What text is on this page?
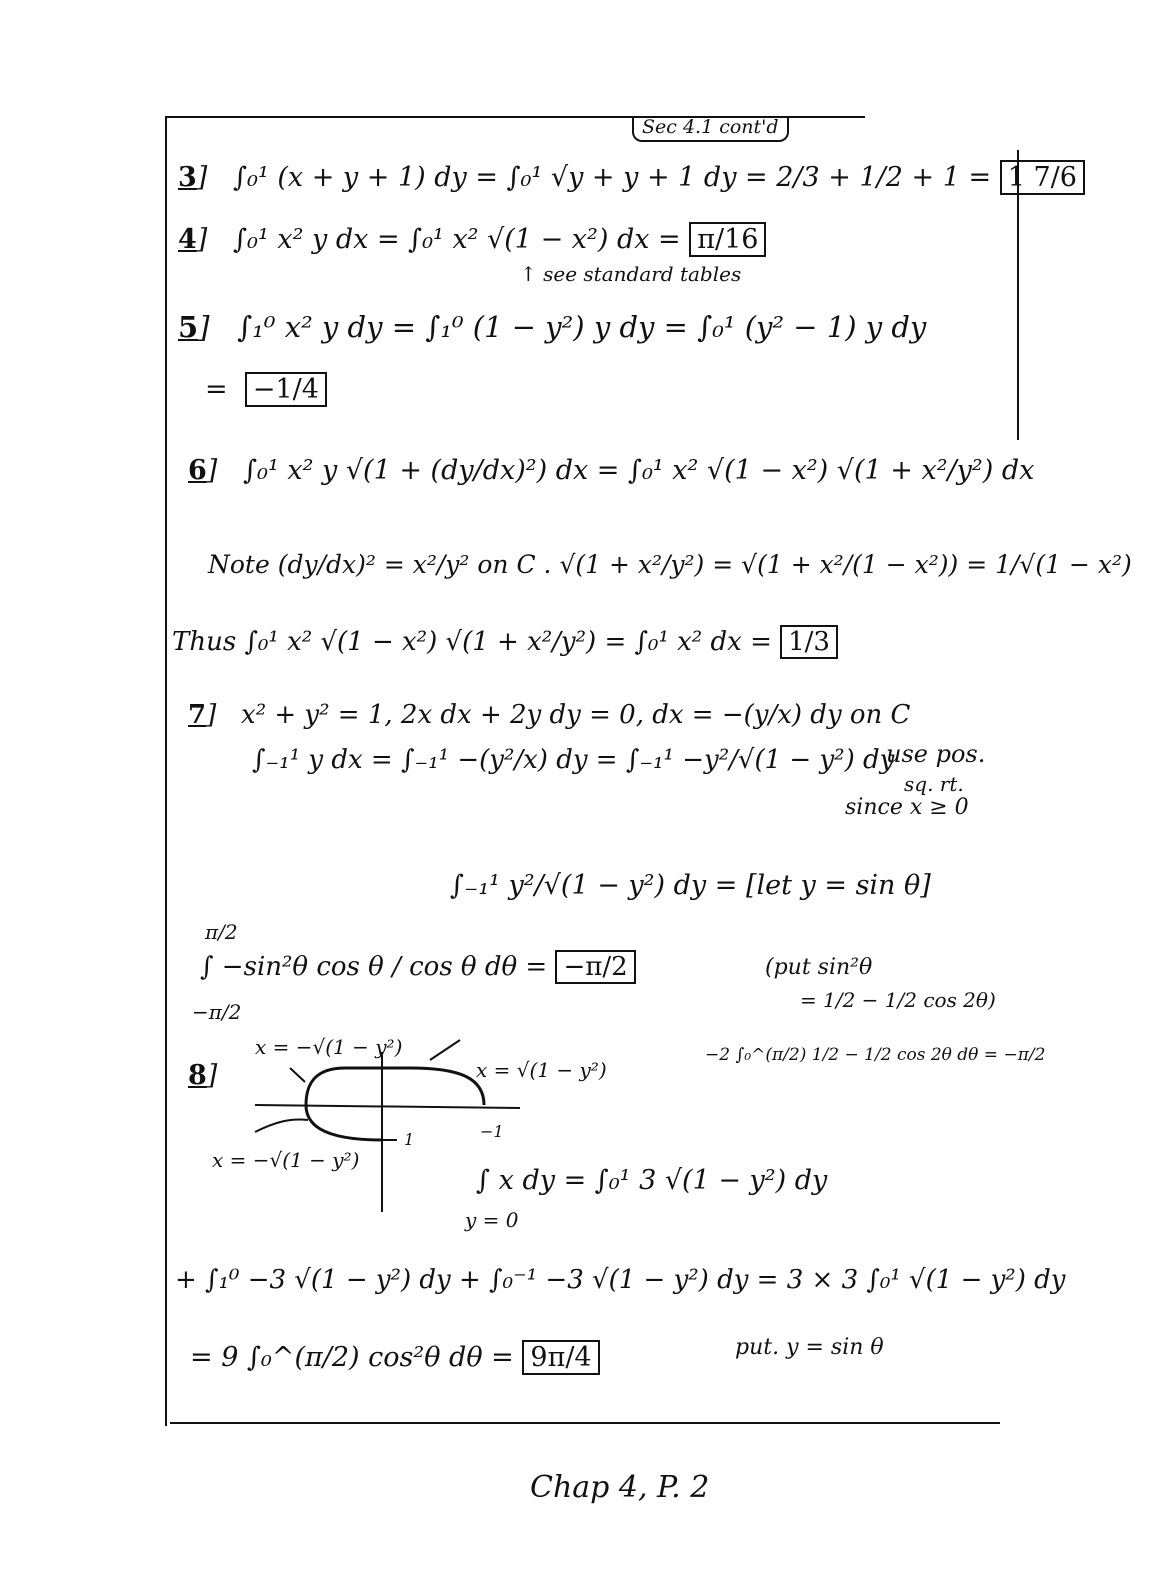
Sec 4.1 cont'd
3]   ∫₀¹ (x + y + 1) dy = ∫₀¹ √y + y + 1 dy = 2/3 + 1/2 + 1 = 1 7/6
4]   ∫₀¹ x² y dx = ∫₀¹ x² √(1 − x²) dx = π/16
↑ see standard tables
5]   ∫₁⁰ x² y dy = ∫₁⁰ (1 − y²) y dy = ∫₀¹ (y² − 1) y dy
= −1/4
6]   ∫₀¹ x² y √(1 + (dy/dx)²) dx = ∫₀¹ x² √(1 − x²) √(1 + x²/y²) dx
Note (dy/dx)² = x²/y² on C . √(1 + x²/y²) = √(1 + x²/(1 − x²)) = 1/√(1 − x²)
Thus ∫₀¹ x² √(1 − x²) √(1 + x²/y²) = ∫₀¹ x² dx = 1/3
7]   x² + y² = 1, 2x dx + 2y dy = 0, dx = −(y/x) dy on C
∫₋₁¹ y dx = ∫₋₁¹ −(y²/x) dy = ∫₋₁¹ −y²/√(1 − y²) dy
use pos.
sq. rt.
since x ≥ 0
∫₋₁¹ y²/√(1 − y²) dy = [let y = sin θ]
π/2
−π/2
∫ −sin²θ cos θ / cos θ dθ = −π/2	(put sin²θ
= 1/2 − 1/2 cos 2θ)
−2 ∫₀^(π/2) 1/2 − 1/2 cos 2θ dθ = −π/2
8]
x = −√(1 − y²)
x = √(1 − y²)
x = −√(1 − y²)
1	−1
∫ x dy = ∫₀¹ 3 √(1 − y²) dy
y = 0
+ ∫₁⁰ −3 √(1 − y²) dy + ∫₀⁻¹ −3 √(1 − y²) dy = 3 × 3 ∫₀¹ √(1 − y²) dy
= 9 ∫₀^(π/2) cos²θ dθ = 9π/4	put. y = sin θ
Chap 4, P. 2
